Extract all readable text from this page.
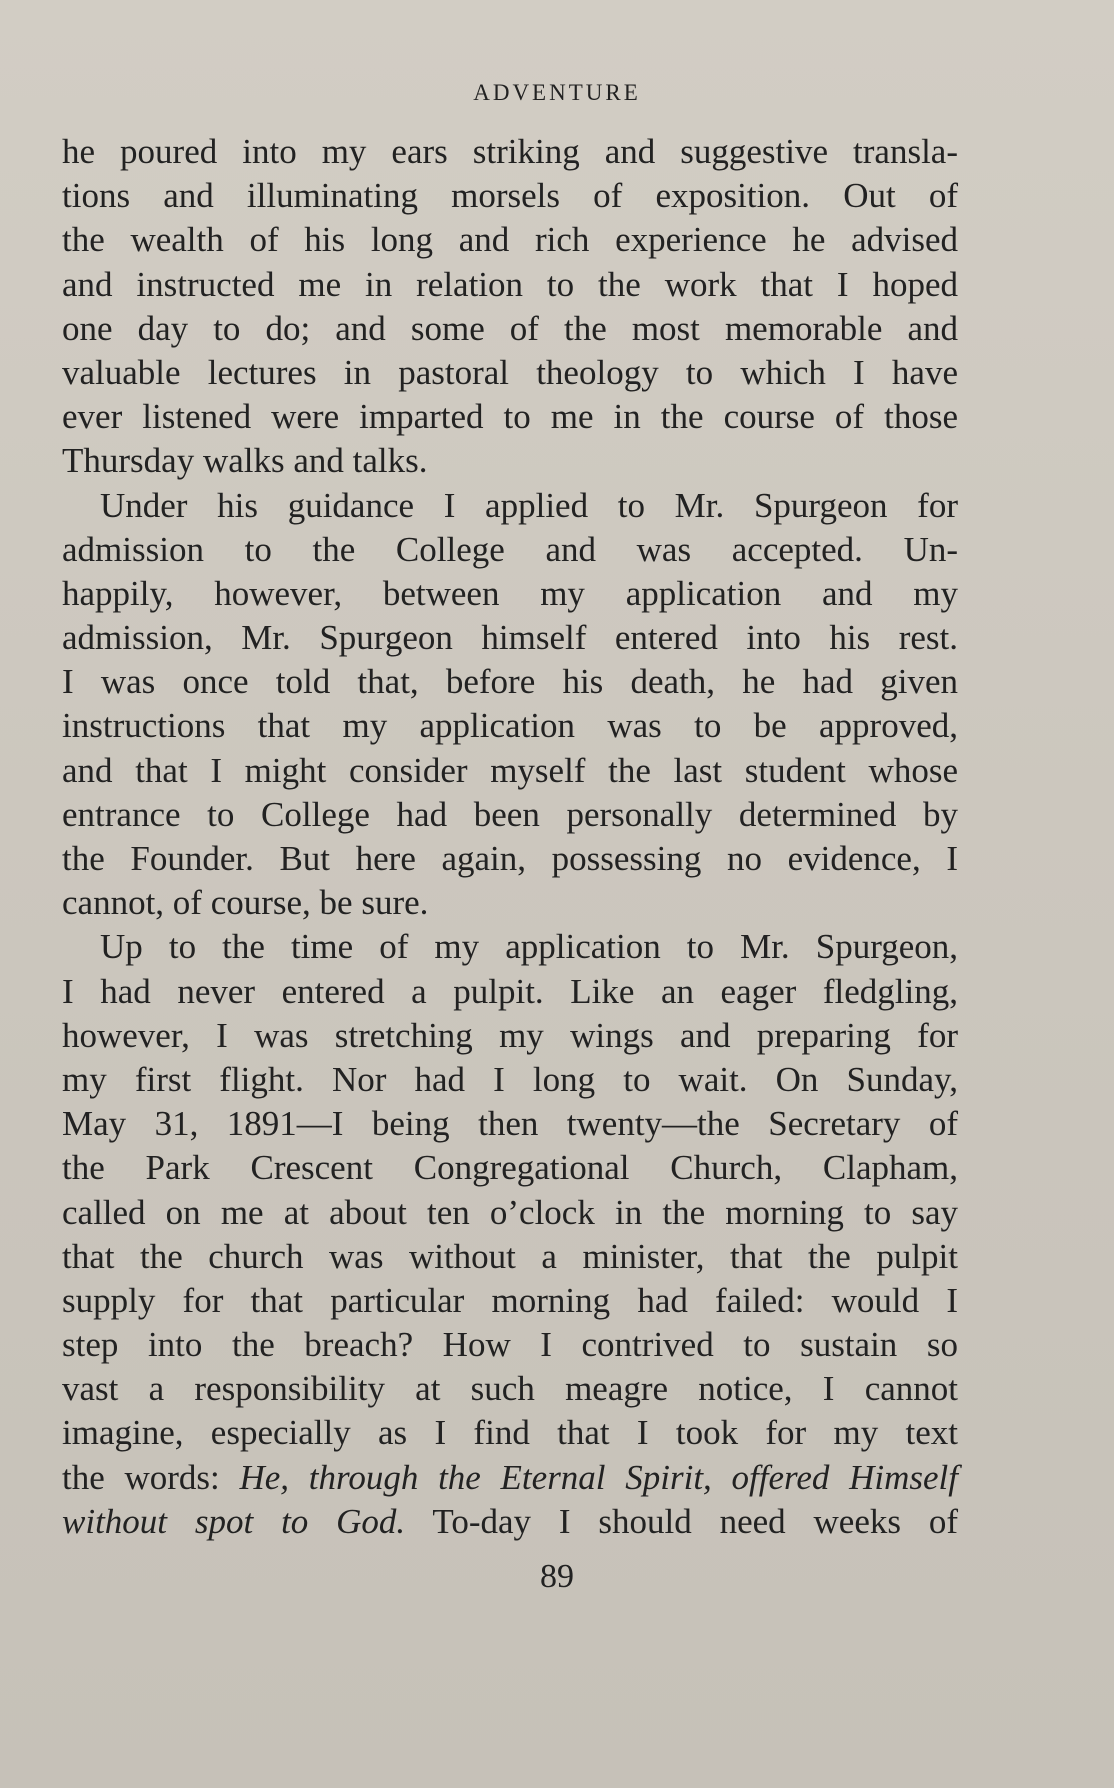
ADVENTURE
he poured into my ears striking and suggestive transla-
tions and illuminating morsels of exposition. Out of
the wealth of his long and rich experience he advised
and instructed me in relation to the work that I hoped
one day to do; and some of the most memorable and
valuable lectures in pastoral theology to which I have
ever listened were imparted to me in the course of those
Thursday walks and talks.
Under his guidance I applied to Mr. Spurgeon for
admission to the College and was accepted. Un-
happily, however, between my application and my
admission, Mr. Spurgeon himself entered into his rest.
I was once told that, before his death, he had given
instructions that my application was to be approved,
and that I might consider myself the last student whose
entrance to College had been personally determined by
the Founder. But here again, possessing no evidence, I
cannot, of course, be sure.
Up to the time of my application to Mr. Spurgeon,
I had never entered a pulpit. Like an eager fledgling,
however, I was stretching my wings and preparing for
my first flight. Nor had I long to wait. On Sunday,
May 31, 1891—I being then twenty—the Secretary of
the Park Crescent Congregational Church, Clapham,
called on me at about ten o’clock in the morning to say
that the church was without a minister, that the pulpit
supply for that particular morning had failed: would I
step into the breach? How I contrived to sustain so
vast a responsibility at such meagre notice, I cannot
imagine, especially as I find that I took for my text
the words: He, through the Eternal Spirit, offered Himself
without spot to God. To-day I should need weeks of
89
